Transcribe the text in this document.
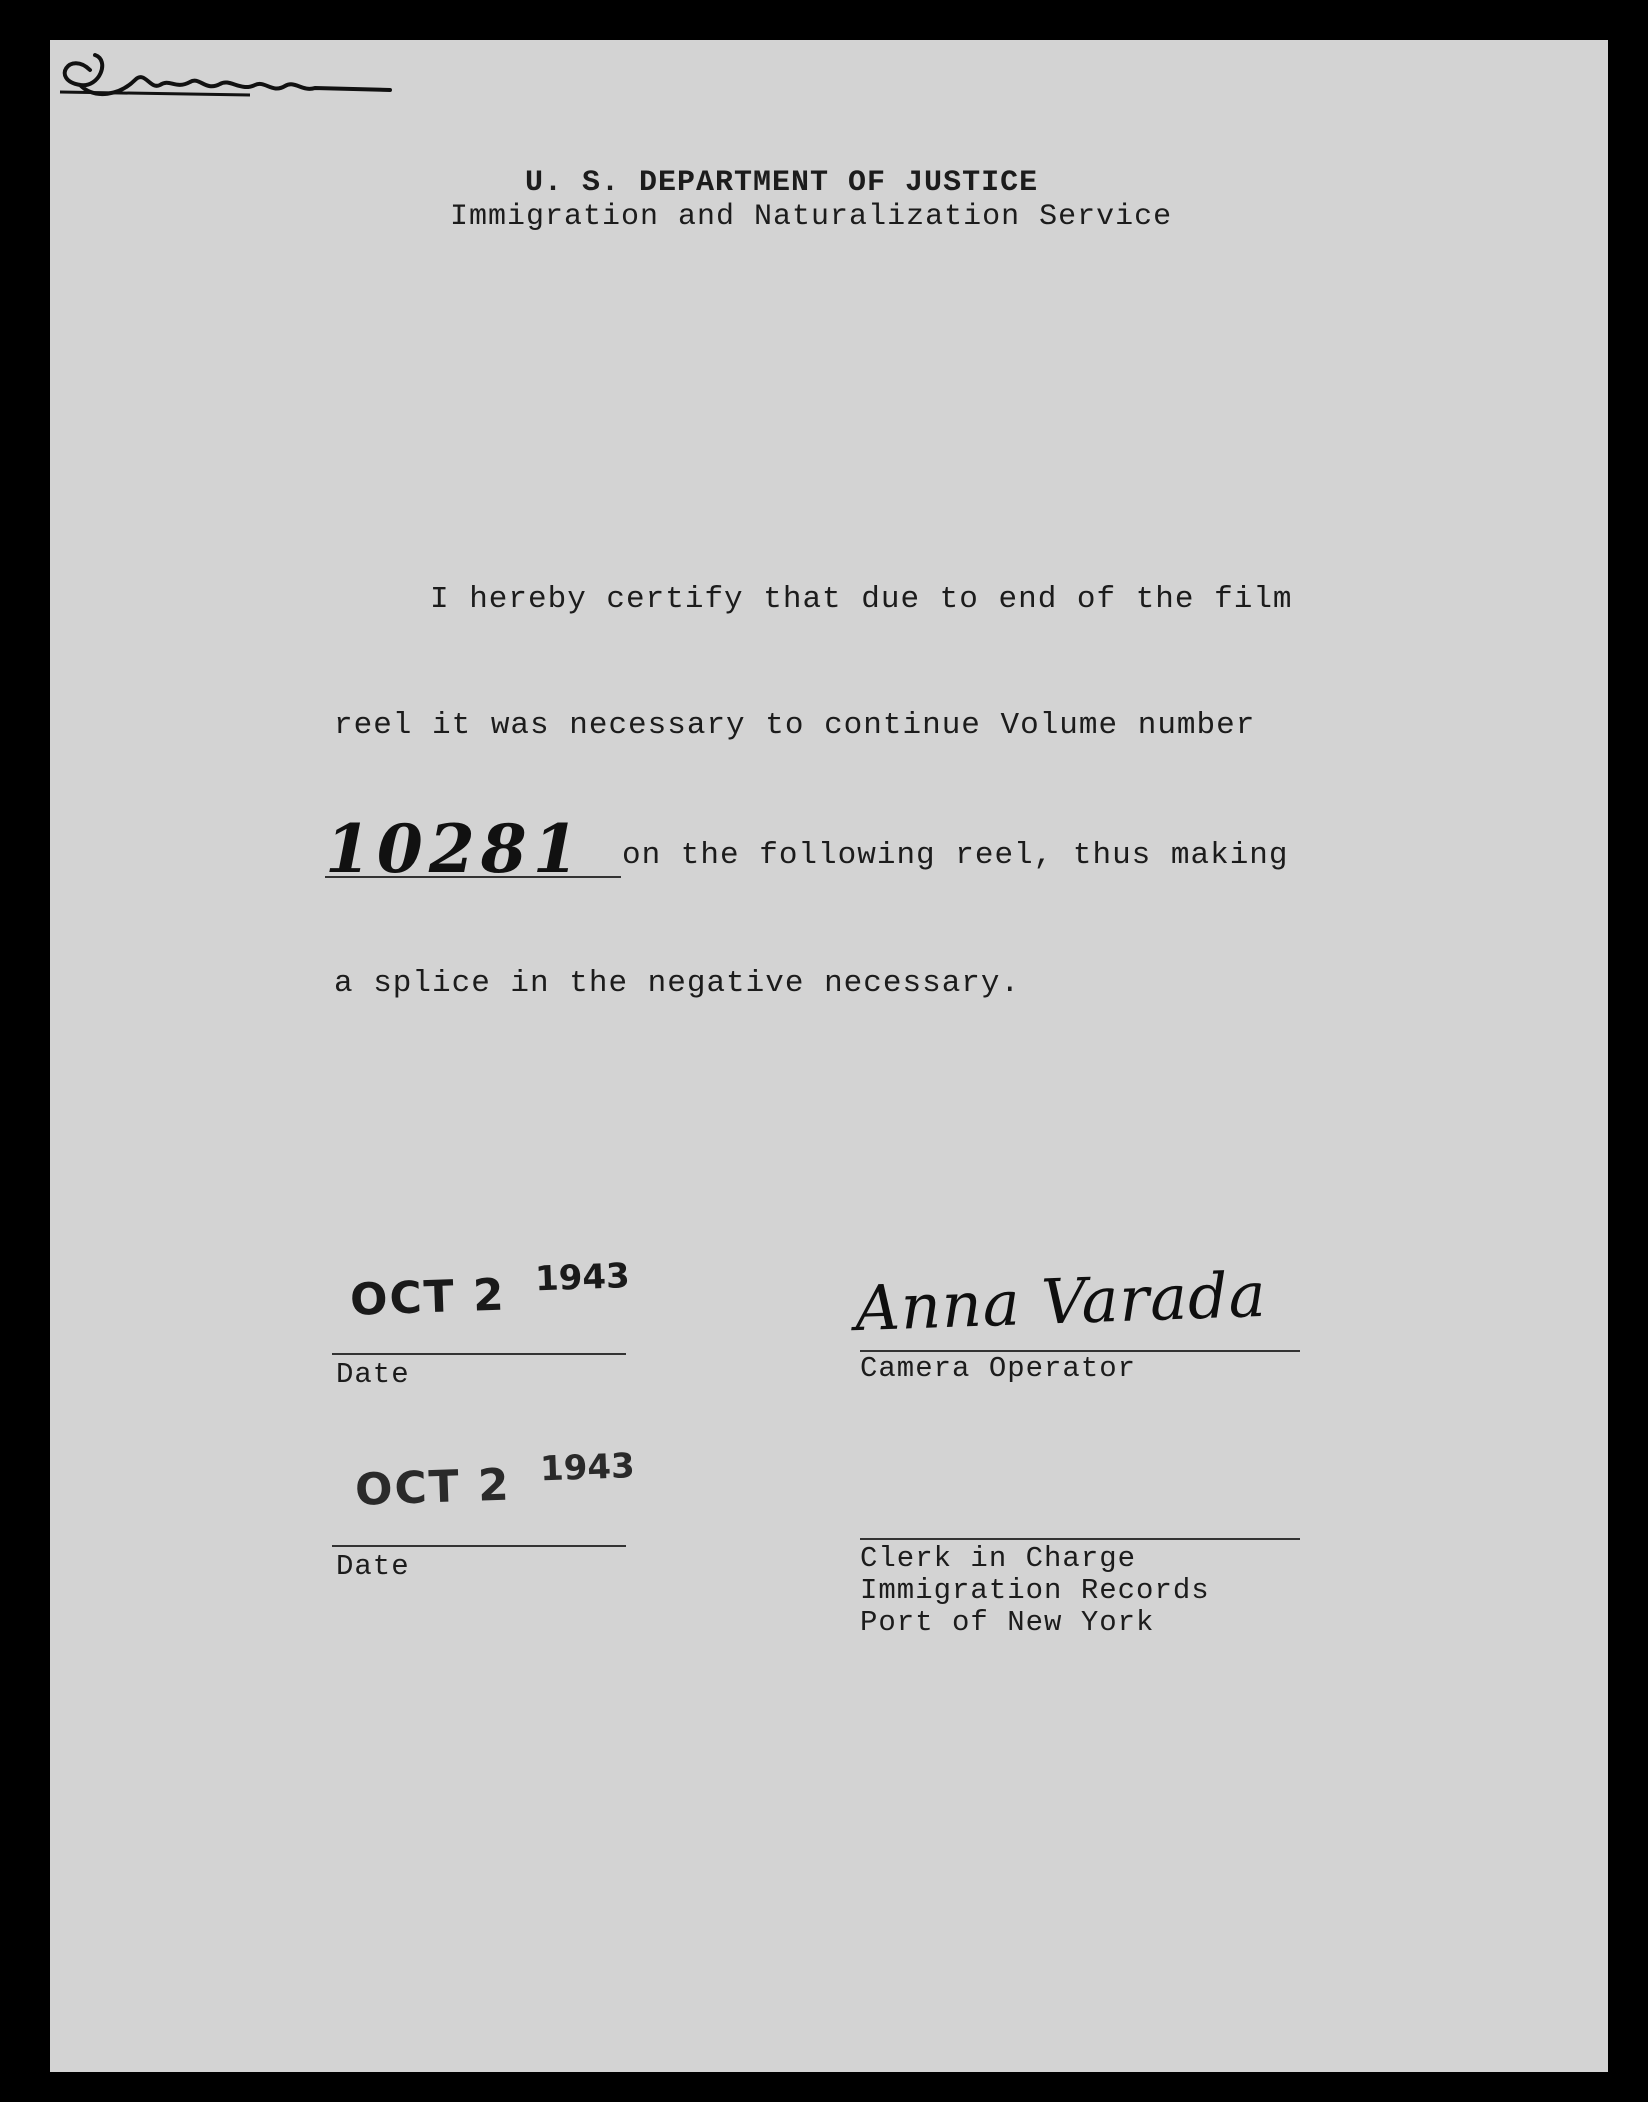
U. S. DEPARTMENT OF JUSTICE
Immigration and Naturalization Service
I hereby certify that due to end of the film
reel it was necessary to continue Volume number
10281 on the following reel, thus making
a splice in the negative necessary.
OCT 2 1943
Date
OCT 2 1943
Date
Anna Varada
Camera Operator
Clerk in Charge
Immigration Records
Port of New York
